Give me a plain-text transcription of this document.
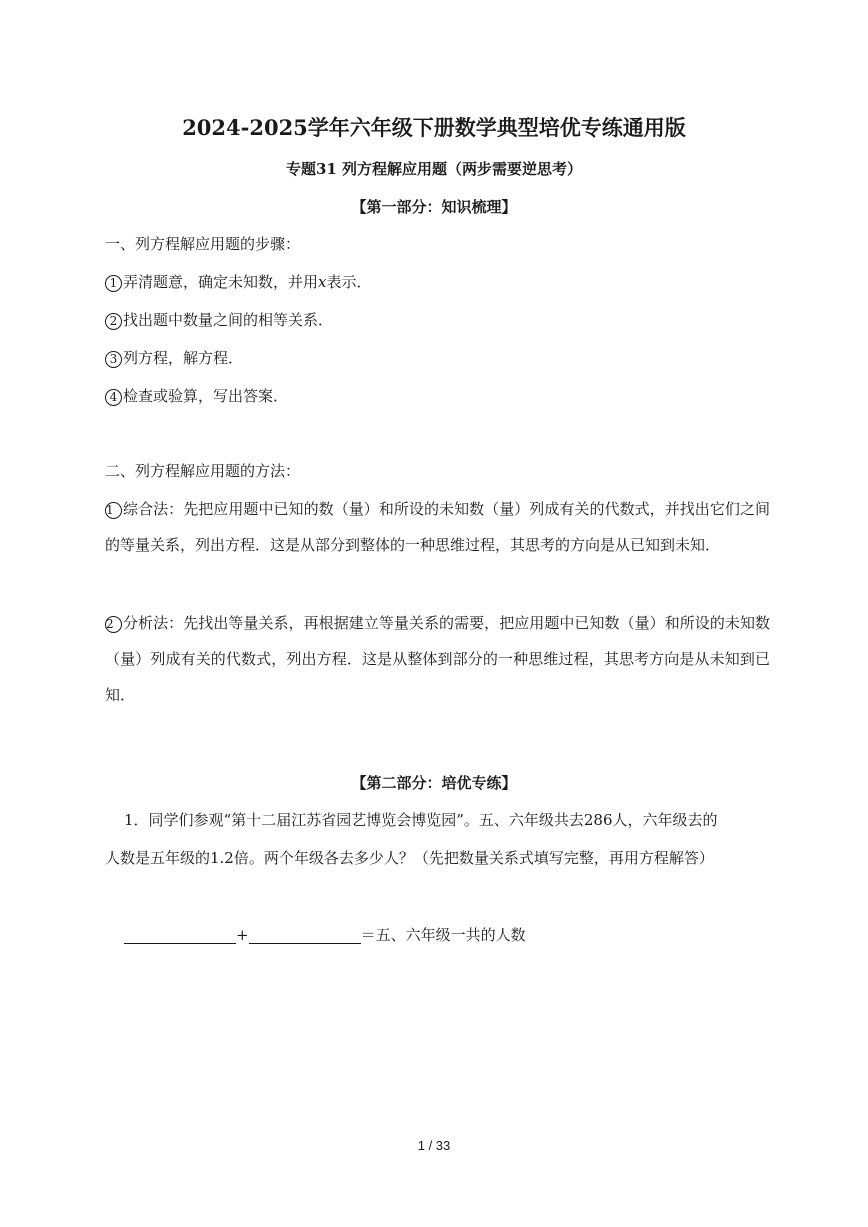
2024-2025学年六年级下册数学典型培优专练通用版
专题31 列方程解应用题（两步需要逆思考）
【第一部分：知识梳理】
一、列方程解应用题的步骤：
1 弄清题意，确定未知数，并用x表示．
2 找出题中数量之间的相等关系．
3 列方程，解方程．
4 检查或验算，写出答案．
二、列方程解应用题的方法：
1 综合法：先把应用题中已知的数（量）和所设的未知数（量）列成有关的代数式，并找出它们之间的等量关系，列出方程．这是从部分到整体的一种思维过程，其思考的方向是从已知到未知．
2 分析法：先找出等量关系，再根据建立等量关系的需要，把应用题中已知数（量）和所设的未知数（量）列成有关的代数式，列出方程．这是从整体到部分的一种思维过程，其思考方向是从未知到已知．
【第二部分：培优专练】
1．同学们参观“第十二届江苏省园艺博览会博览园”。五、六年级共去286人，六年级去的
人数是五年级的1.2倍。两个年级各去多少人？（先把数量关系式填写完整，再用方程解答）
+	＝五、六年级一共的人数
1 / 33
